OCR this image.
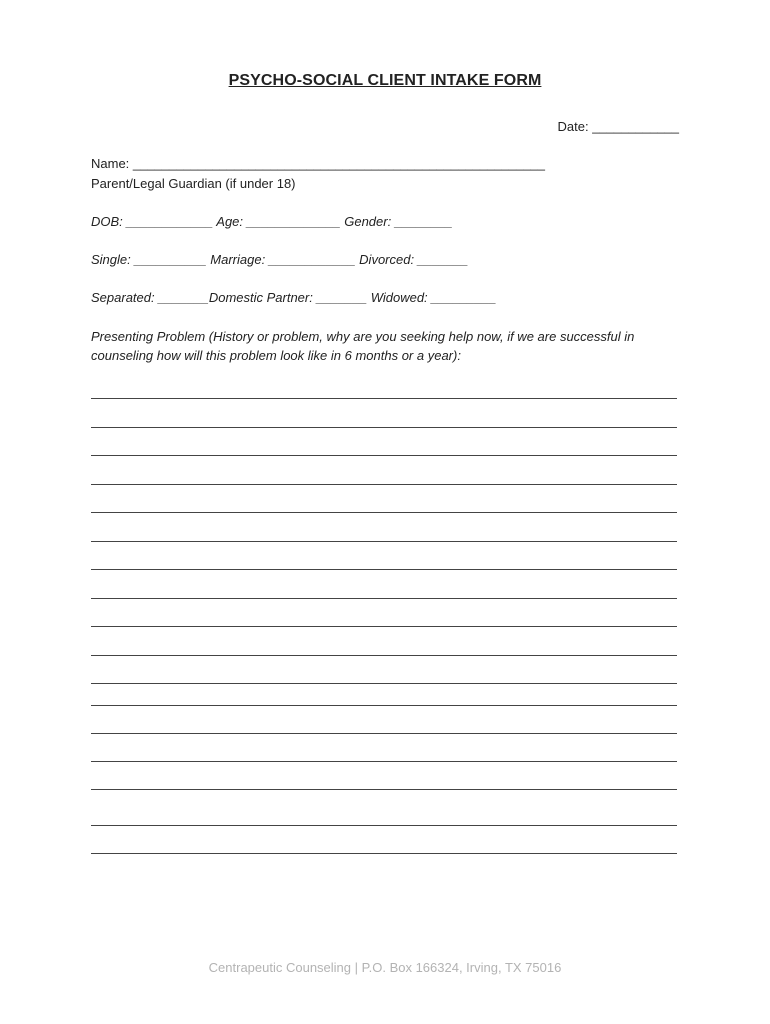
PSYCHO-SOCIAL CLIENT INTAKE FORM
Date: ____________
Name: _________________________________________________________
Parent/Legal Guardian (if under 18)
DOB: ____________ Age: _____________ Gender: ________
Single: __________ Marriage: ____________ Divorced: _______
Separated: _______Domestic Partner: _______ Widowed: _________
Presenting Problem (History or problem, why are you seeking help now, if we are successful in counseling how will this problem look like in 6 months or a year):
Centrapeutic Counseling | P.O. Box 166324, Irving, TX 75016
